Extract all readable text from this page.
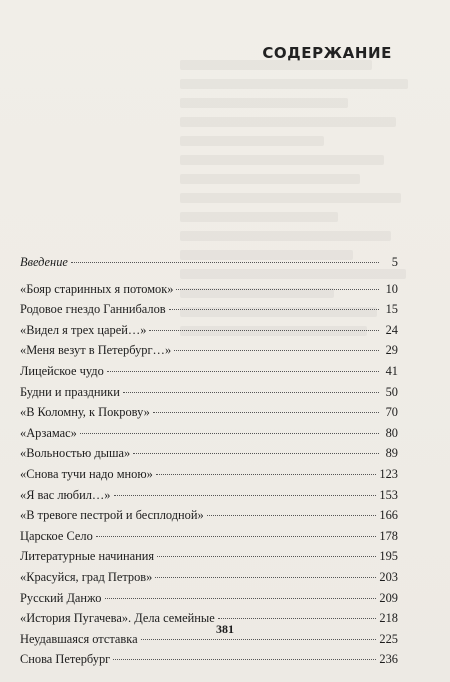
СОДЕРЖАНИЕ
Введение	5
«Бояр старинных я потомок»	10
Родовое гнездо Ганнибалов	15
«Видел я трех царей…»	24
«Меня везут в Петербург…»	29
Лицейское чудо	41
Будни и праздники	50
«В Коломну, к Покрову»	70
«Арзамас»	80
«Вольностью дыша»	89
«Снова тучи надо мною»	123
«Я вас любил…»	153
«В тревоге пестрой и бесплодной»	166
Царское Село	178
Литературные начинания	195
«Красуйся, град Петров»	203
Русский Данжо	209
«История Пугачева». Дела семейные	218
Неудавшаяся отставка	225
Снова Петербург	236
381
